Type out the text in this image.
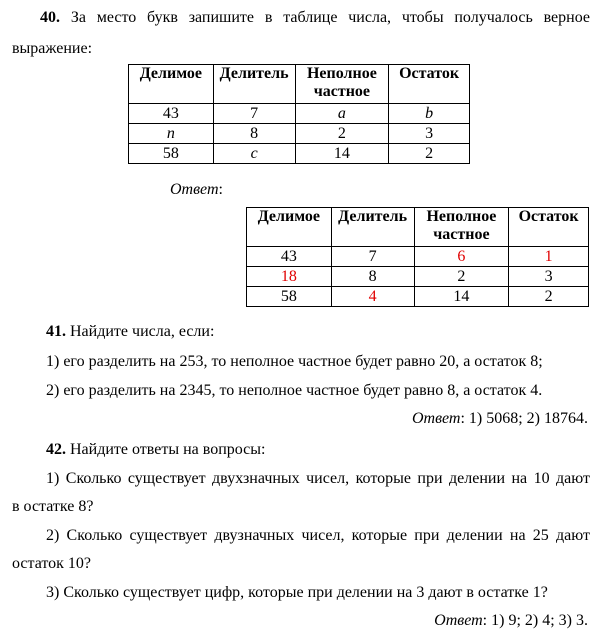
40. За место букв запишите в таблице числа, чтобы получалось верное
выражение:
Делимое	Делитель	Неполное частное	Остаток
43	7	a	b
n	8	2	3
58	c	14	2
Ответ:
Делимое	Делитель	Неполное частное	Остаток
43	7	6	1
18	8	2	3
58	4	14	2
41. Найдите числа, если:
1) его разделить на 253, то неполное частное будет равно 20, а остаток 8;
2) его разделить на 2345, то неполное частное будет равно 8, а остаток 4.
Ответ: 1) 5068; 2) 18764.
42. Найдите ответы на вопросы:
1) Сколько существует двухзначных чисел, которые при делении на 10 дают
в остатке 8?
2) Сколько существует двузначных чисел, которые при делении на 25 дают
остаток 10?
3) Сколько существует цифр, которые при делении на 3 дают в остатке 1?
Ответ: 1) 9; 2) 4; 3) 3.
